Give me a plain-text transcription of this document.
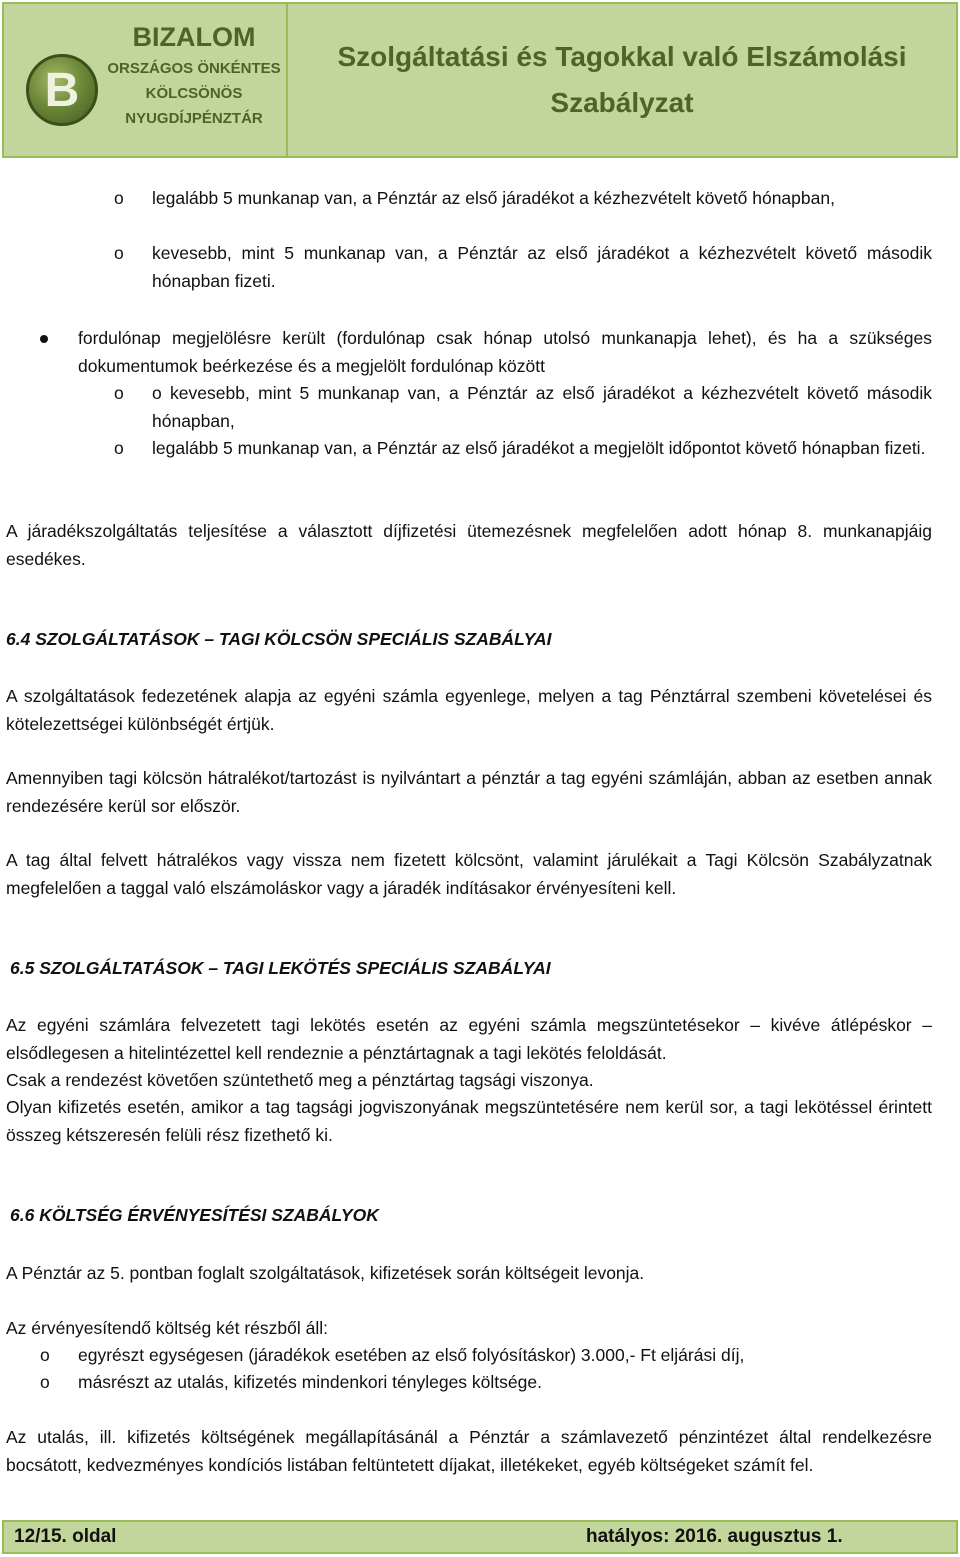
B
BIZALOM
ORSZÁGOS ÖNKÉNTES
KÖLCSÖNÖS
NYUGDÍJPÉNZTÁR
Szolgáltatási és Tagokkal való Elszámolási
Szabályzat
o legalább 5 munkanap van, a Pénztár az első járadékot a kézhezvételt követő hónapban,
o kevesebb, mint 5 munkanap van, a Pénztár az első járadékot a kézhezvételt követő második hónapban fizeti.
fordulónap megjelölésre került (fordulónap csak hónap utolsó munkanapja lehet), és ha a szükséges dokumentumok beérkezése és a megjelölt fordulónap között
o o kevesebb, mint 5 munkanap van, a Pénztár az első járadékot a kézhezvételt követő második hónapban,
o legalább 5 munkanap van, a Pénztár az első járadékot a megjelölt időpontot követő hónapban fizeti.
A járadékszolgáltatás teljesítése a választott díjfizetési ütemezésnek megfelelően adott hónap 8. munkanapjáig esedékes.
6.4 SZOLGÁLTATÁSOK – TAGI KÖLCSÖN SPECIÁLIS SZABÁLYAI
A szolgáltatások fedezetének alapja az egyéni számla egyenlege, melyen a tag Pénztárral szembeni követelései és kötelezettségei különbségét értjük.
Amennyiben tagi kölcsön hátralékot/tartozást is nyilvántart a pénztár a tag egyéni számláján, abban az esetben annak rendezésére kerül sor először.
A tag által felvett hátralékos vagy vissza nem fizetett kölcsönt, valamint járulékait a Tagi Kölcsön Szabályzatnak megfelelően a taggal való elszámoláskor vagy a járadék indításakor érvényesíteni kell.
6.5 SZOLGÁLTATÁSOK – TAGI LEKÖTÉS SPECIÁLIS SZABÁLYAI
Az egyéni számlára felvezetett tagi lekötés esetén az egyéni számla megszüntetésekor – kivéve átlépéskor – elsődlegesen a hitelintézettel kell rendeznie a pénztártagnak a tagi lekötés feloldását.
Csak a rendezést követően szüntethető meg a pénztártag tagsági viszonya.
Olyan kifizetés esetén, amikor a tag tagsági jogviszonyának megszüntetésére nem kerül sor, a tagi lekötéssel érintett összeg kétszeresén felüli rész fizethető ki.
6.6 KÖLTSÉG ÉRVÉNYESÍTÉSI SZABÁLYOK
A Pénztár az 5. pontban foglalt szolgáltatások, kifizetések során költségeit levonja.
Az érvényesítendő költség két részből áll:
o egyrészt egységesen (járadékok esetében az első folyósításkor) 3.000,- Ft eljárási díj,
o másrészt az utalás, kifizetés mindenkori tényleges költsége.
Az utalás, ill. kifizetés költségének megállapításánál a Pénztár a számlavezető pénzintézet által rendelkezésre bocsátott, kedvezményes kondíciós listában feltüntetett díjakat, illetékeket, egyéb költségeket számít fel.
12/15. oldal	hatályos: 2016. augusztus 1.
